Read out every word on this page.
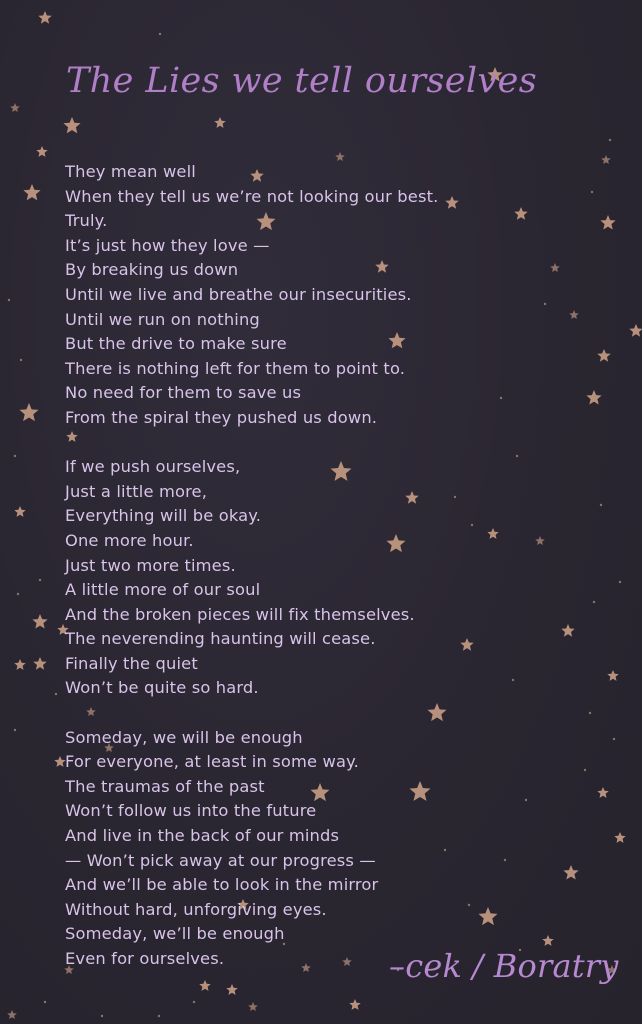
The Lies we tell ourselves
They mean well
When they tell us we’re not looking our best.
Truly.
It’s just how they love —
By breaking us down
Until we live and breathe our insecurities.
Until we run on nothing
But the drive to make sure
There is nothing left for them to point to.
No need for them to save us
From the spiral they pushed us down.
If we push ourselves,
Just a little more,
Everything will be okay.
One more hour.
Just two more times.
A little more of our soul
And the broken pieces will fix themselves.
The neverending haunting will cease.
Finally the quiet
Won’t be quite so hard.
Someday, we will be enough
For everyone, at least in some way.
The traumas of the past
Won’t follow us into the future
And live in the back of our minds
— Won’t pick away at our progress —
And we’ll be able to look in the mirror
Without hard, unforgiving eyes.
Someday, we’ll be enough
Even for ourselves.	–cek / Boratry
